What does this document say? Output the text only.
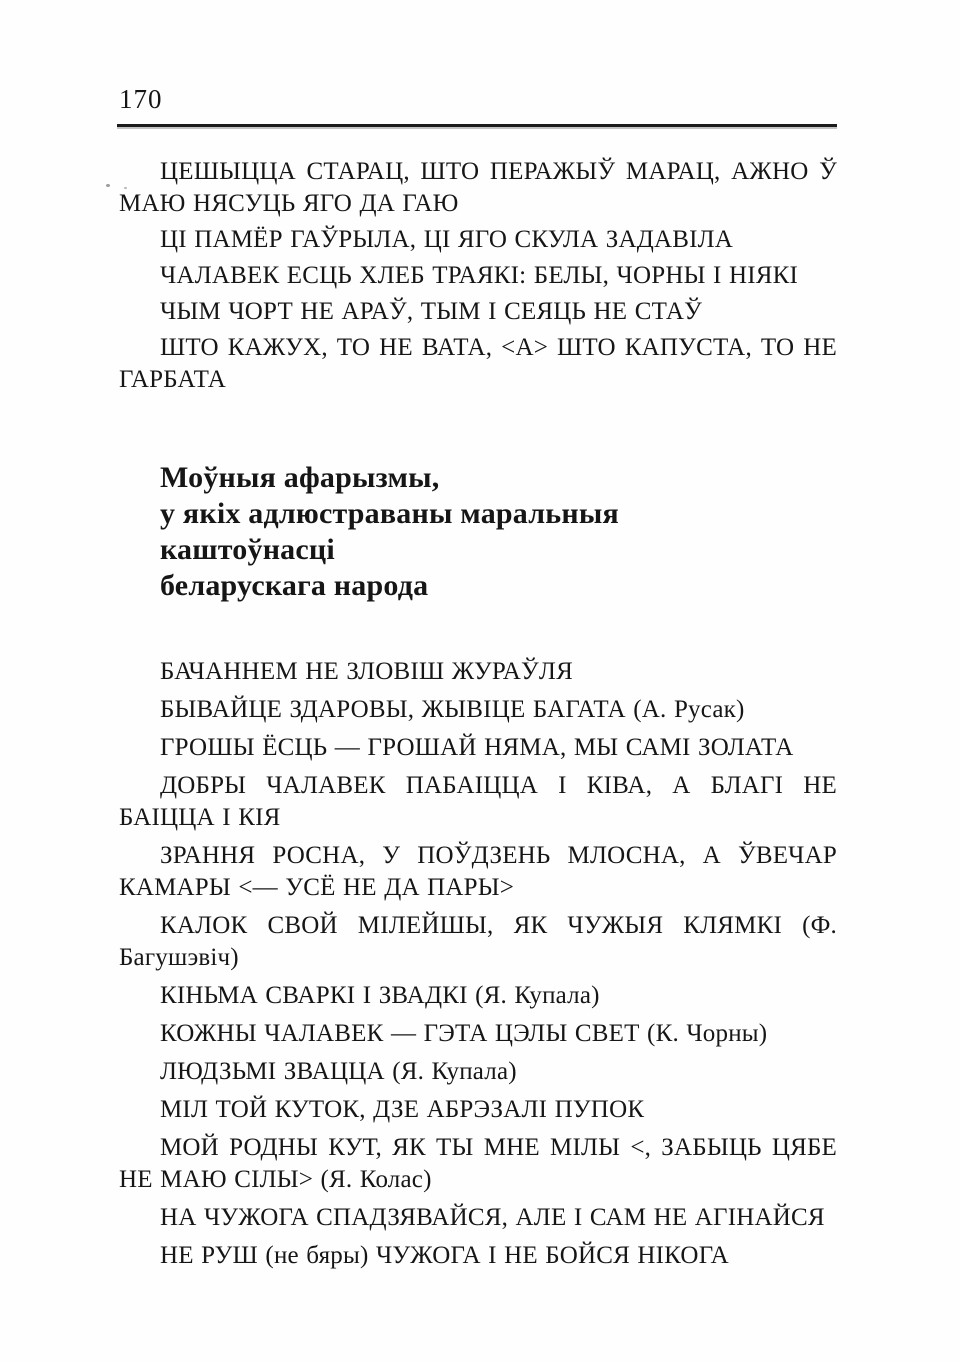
170

ЦЕШЫЦЦА СТАРАЦ, ШТО ПЕРАЖЫЎ МАРАЦ, АЖНО Ў МАЮ НЯСУЦЬ ЯГО ДА ГАЮ

ЦІ ПАМЁР ГАЎРЫЛА, ЦІ ЯГО СКУЛА ЗАДАВІЛА

ЧАЛАВЕК ЕСЦЬ ХЛЕБ ТРАЯКІ: БЕЛЫ, ЧОРНЫ І НІЯКІ

ЧЫМ ЧОРТ НЕ АРАЎ, ТЫМ І СЕЯЦЬ НЕ СТАЎ

ШТО КАЖУХ, ТО НЕ ВАТА, <А> ШТО КАПУСТА, ТО НЕ ГАРБАТА

Моўныя афарызмы,
у якіх адлюстраваны маральныя
каштоўнасці
беларускага народа

БАЧАННЕМ НЕ ЗЛОВІШ ЖУРАЎЛЯ

БЫВАЙЦЕ ЗДАРОВЫ, ЖЫВІЦЕ БАГАТА (А. Русак)

ГРОШЫ ЁСЦЬ — ГРОШАЙ НЯМА, МЫ САМІ ЗОЛАТА

ДОБРЫ ЧАЛАВЕК ПАБАІЦЦА І КІВА, А БЛАГІ НЕ БАІЦЦА І КІЯ

ЗРАННЯ РОСНА, У ПОЎДЗЕНЬ МЛОСНА, А ЎВЕЧАР КАМАРЫ <— УСЁ НЕ ДА ПАРЫ>

КАЛОК СВОЙ МІЛЕЙШЫ, ЯК ЧУЖЫЯ КЛЯМКІ (Ф. Багушэвіч)

КІНЬМА СВАРКІ І ЗВАДКІ (Я. Купала)

КОЖНЫ ЧАЛАВЕК — ГЭТА ЦЭЛЫ СВЕТ (К. Чорны)

ЛЮДЗЬМІ ЗВАЦЦА (Я. Купала)

МІЛ ТОЙ КУТОК, ДЗЕ АБРЭЗАЛІ ПУПОК

МОЙ РОДНЫ КУТ, ЯК ТЫ МНЕ МІЛЫ <, ЗАБЫЦЬ ЦЯБЕ НЕ МАЮ СІЛЫ> (Я. Колас)

НА ЧУЖОГА СПАДЗЯВАЙСЯ, АЛЕ І САМ НЕ АГІНАЙСЯ

НЕ РУШ (не бяры) ЧУЖОГА І НЕ БОЙСЯ НІКОГА
